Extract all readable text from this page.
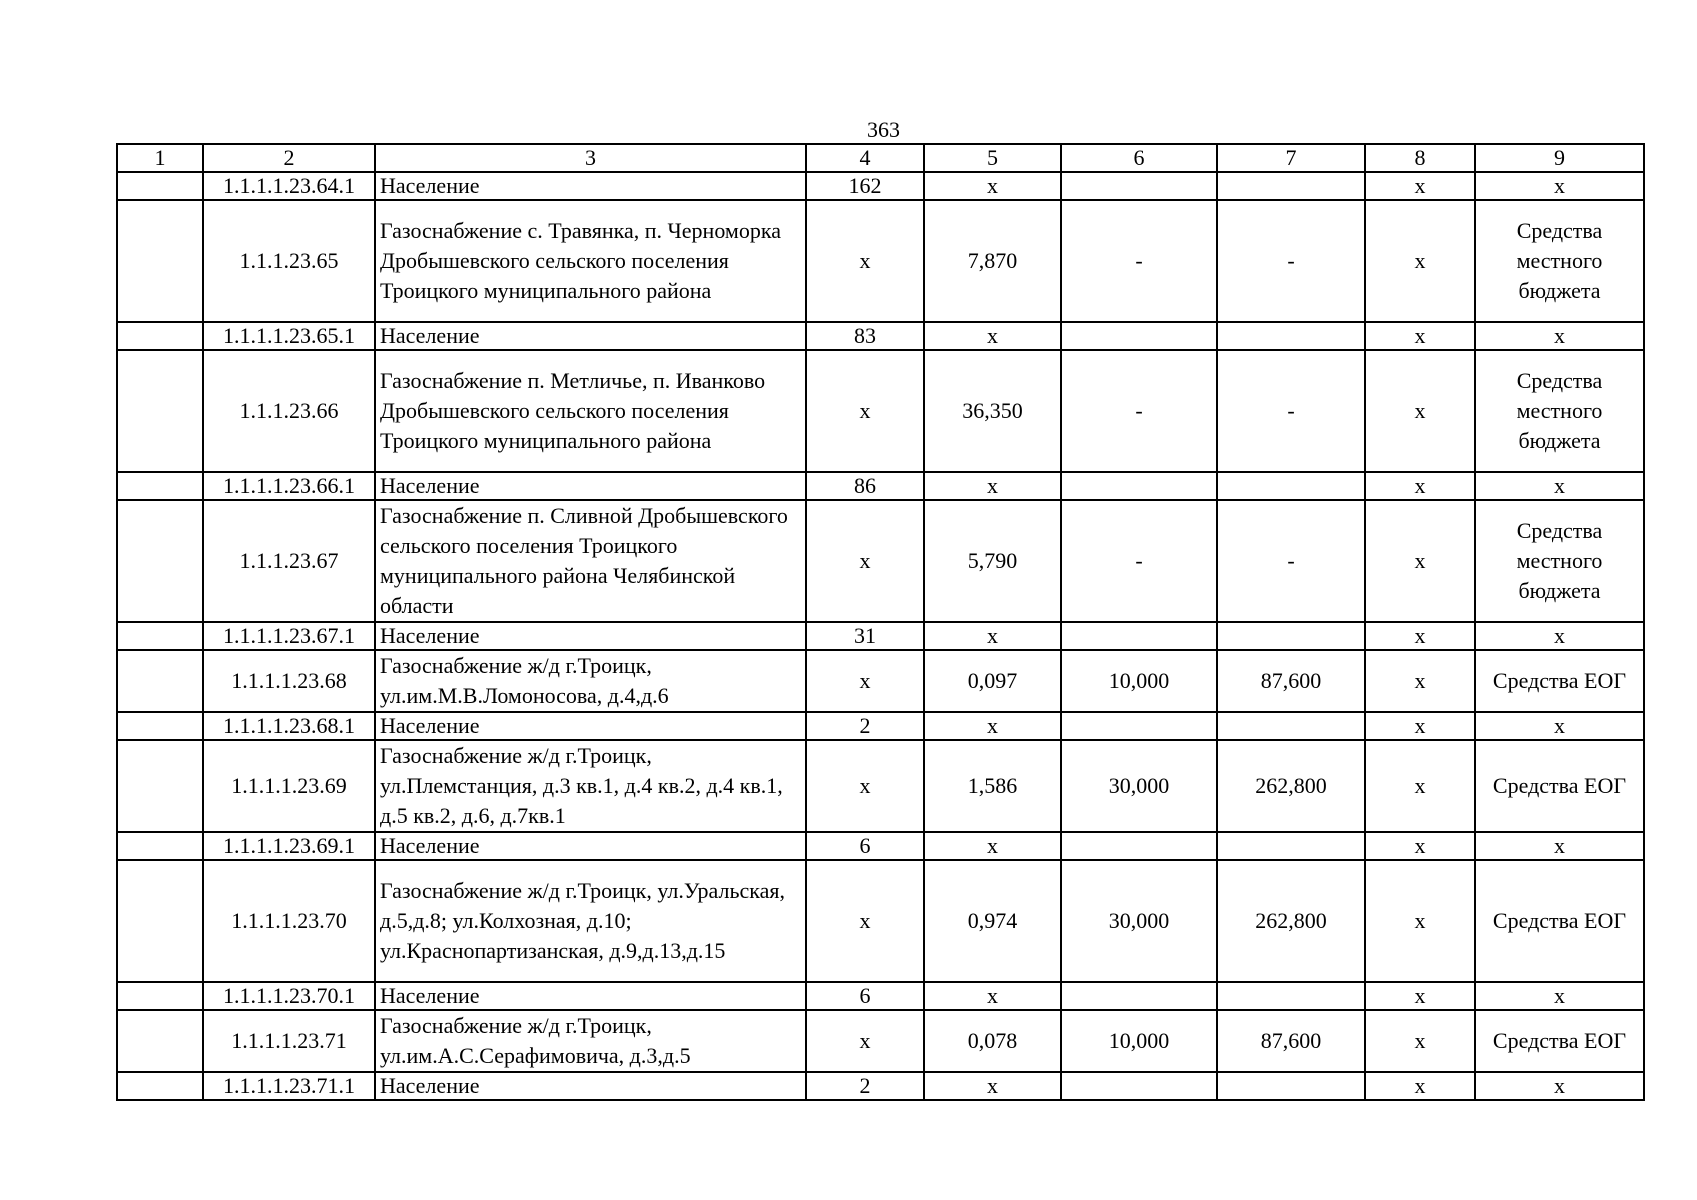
363
1	2	3	4	5	6	7	8	9
	1.1.1.1.23.64.1	Население	162	x			x	x
	1.1.1.23.65	Газоснабжение с. Травянка, п. Черноморка Дробышевского сельского поселения Троицкого муниципального района	x	7,870	-	-	x	Средства местного бюджета
	1.1.1.1.23.65.1	Население	83	x			x	x
	1.1.1.23.66	Газоснабжение п. Метличье, п. Иванково Дробышевского сельского поселения Троицкого муниципального района	x	36,350	-	-	x	Средства местного бюджета
	1.1.1.1.23.66.1	Население	86	x			x	x
	1.1.1.23.67	Газоснабжение п. Сливной Дробышевского сельского поселения Троицкого муниципального района Челябинской области	x	5,790	-	-	x	Средства местного бюджета
	1.1.1.1.23.67.1	Население	31	x			x	x
	1.1.1.1.23.68	Газоснабжение ж/д г.Троицк, ул.им.М.В.Ломоносова, д.4,д.6	x	0,097	10,000	87,600	x	Средства ЕОГ
	1.1.1.1.23.68.1	Население	2	x			x	x
	1.1.1.1.23.69	Газоснабжение ж/д г.Троицк, ул.Племстанция, д.3 кв.1, д.4 кв.2, д.4 кв.1, д.5 кв.2, д.6, д.7кв.1	x	1,586	30,000	262,800	x	Средства ЕОГ
	1.1.1.1.23.69.1	Население	6	x			x	x
	1.1.1.1.23.70	Газоснабжение ж/д г.Троицк, ул.Уральская, д.5,д.8; ул.Колхозная, д.10; ул.Краснопартизанская, д.9,д.13,д.15	x	0,974	30,000	262,800	x	Средства ЕОГ
	1.1.1.1.23.70.1	Население	6	x			x	x
	1.1.1.1.23.71	Газоснабжение ж/д г.Троицк, ул.им.А.С.Серафимовича, д.3,д.5	x	0,078	10,000	87,600	x	Средства ЕОГ
	1.1.1.1.23.71.1	Население	2	x			x	x
